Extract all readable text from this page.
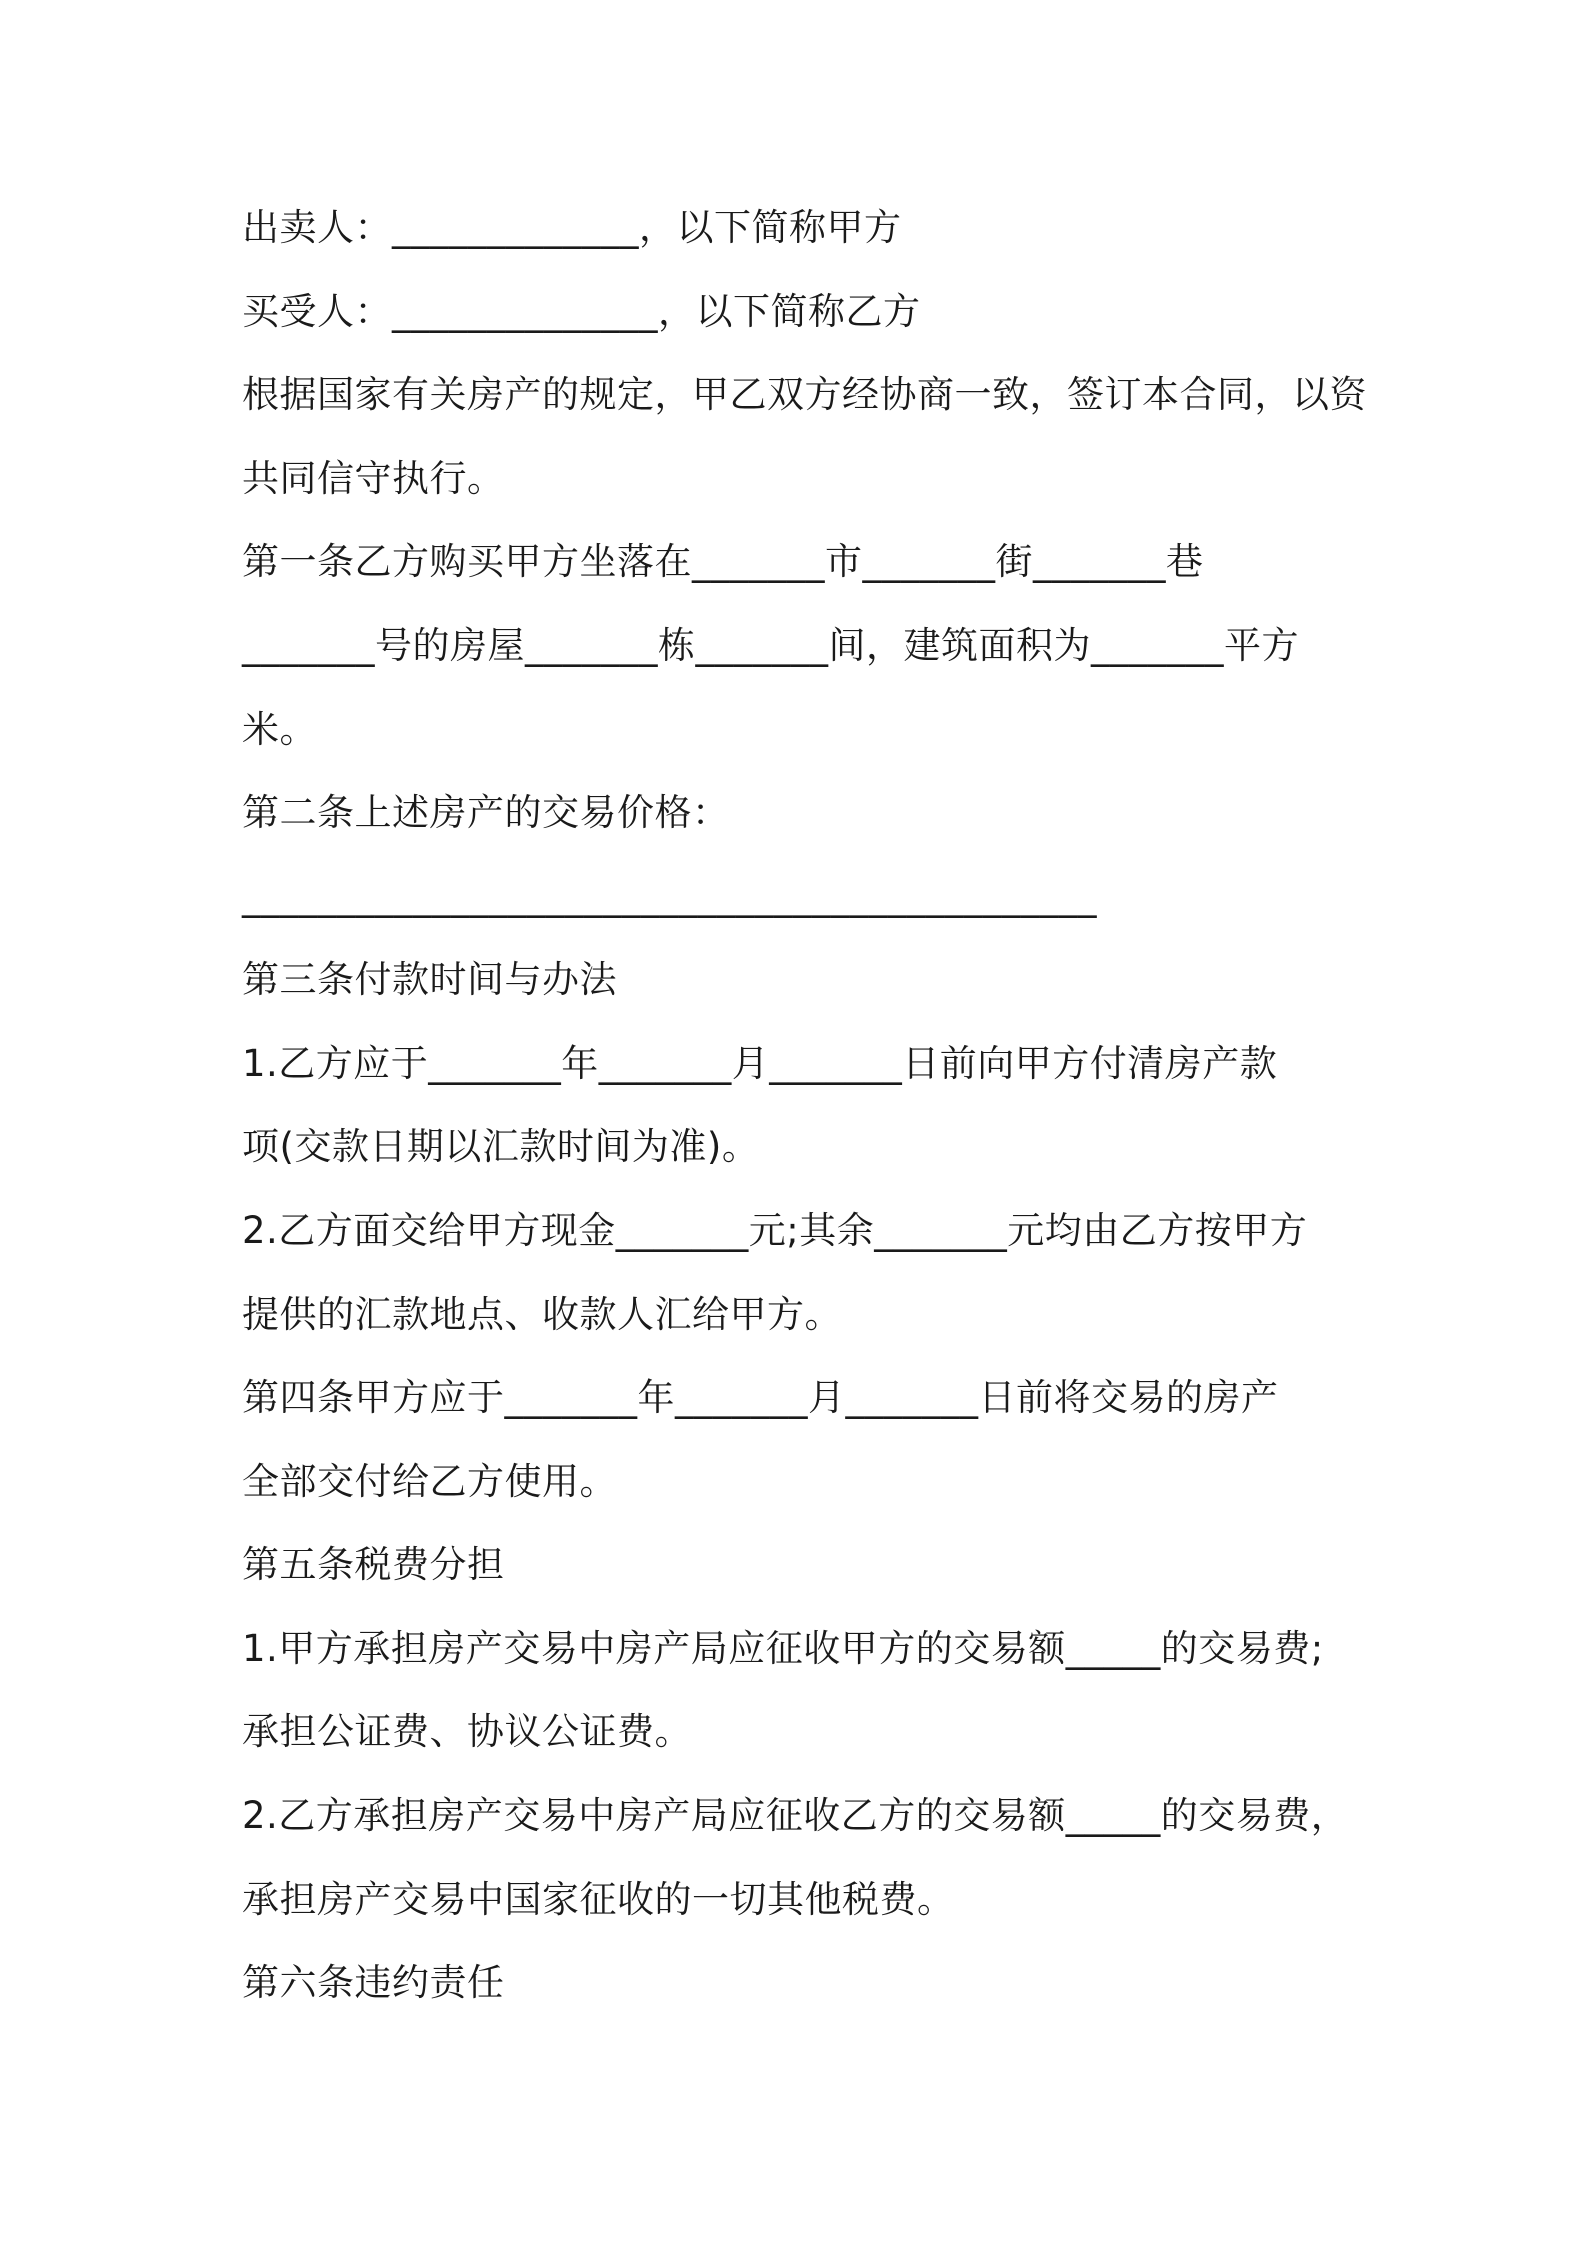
出卖人：_____________，以下简称甲方
买受人：______________，以下简称乙方
根据国家有关房产的规定，甲乙双方经协商一致，签订本合同，以资
共同信守执行。
第一条乙方购买甲方坐落在_______市_______街_______巷
_______号的房屋_______栋_______间，建筑面积为_______平方
米。
第二条上述房产的交易价格：
_____________________________________________
第三条付款时间与办法
1.乙方应于_______年_______月_______日前向甲方付清房产款
项(交款日期以汇款时间为准)。
2.乙方面交给甲方现金_______元;其余_______元均由乙方按甲方
提供的汇款地点、收款人汇给甲方。
第四条甲方应于_______年_______月_______日前将交易的房产
全部交付给乙方使用。
第五条税费分担
1.甲方承担房产交易中房产局应征收甲方的交易额_____的交易费;
承担公证费、协议公证费。
2.乙方承担房产交易中房产局应征收乙方的交易额_____的交易费，
承担房产交易中国家征收的一切其他税费。
第六条违约责任
